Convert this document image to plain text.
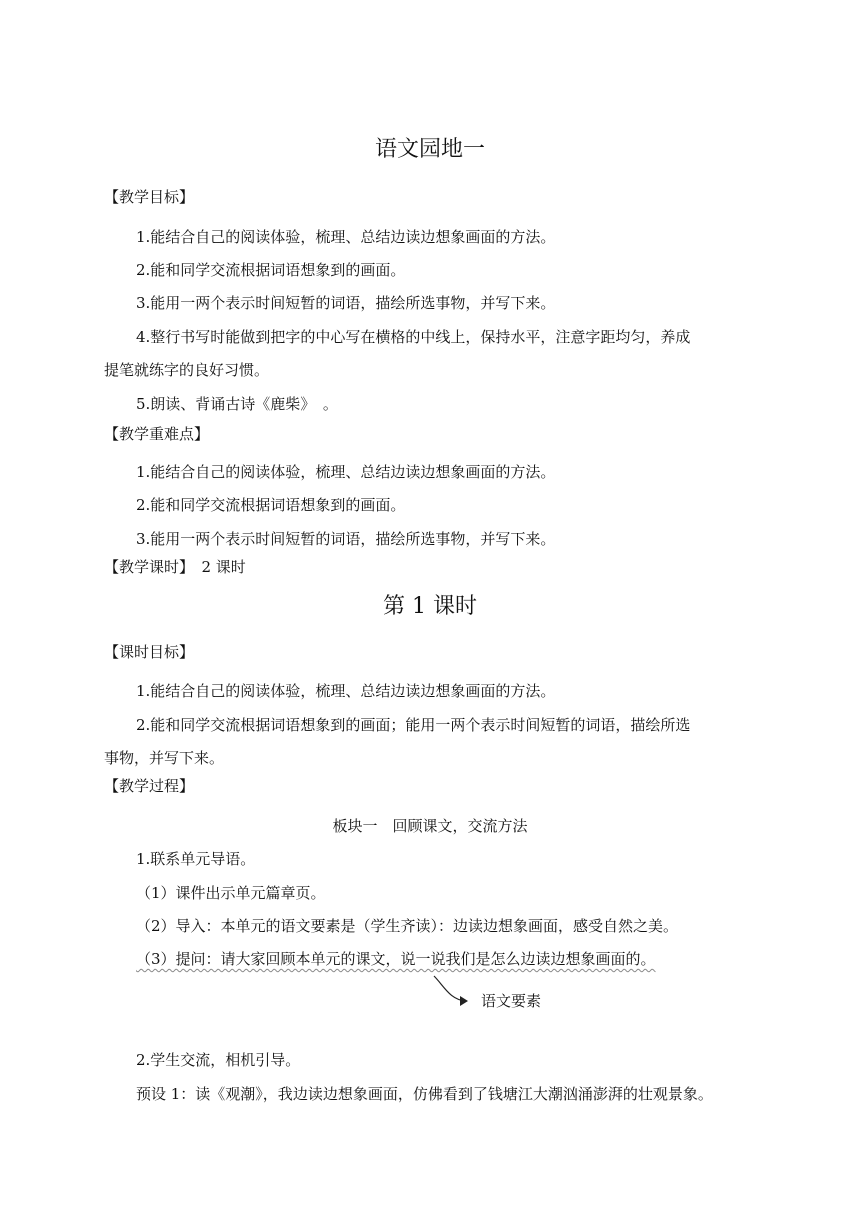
语文园地一
【教学目标】
1.能结合自己的阅读体验，梳理、总结边读边想象画面的方法。
2.能和同学交流根据词语想象到的画面。
3.能用一两个表示时间短暂的词语，描绘所选事物，并写下来。
4.整行书写时能做到把字的中心写在横格的中线上，保持水平，注意字距均匀，养成
提笔就练字的良好习惯。
5.朗读、背诵古诗《鹿柴》　。
【教学重难点】
1.能结合自己的阅读体验，梳理、总结边读边想象画面的方法。
2.能和同学交流根据词语想象到的画面。
3.能用一两个表示时间短暂的词语，描绘所选事物，并写下来。
【教学课时】　2 课时
第 1 课时
【课时目标】
1.能结合自己的阅读体验，梳理、总结边读边想象画面的方法。
2.能和同学交流根据词语想象到的画面；能用一两个表示时间短暂的词语，描绘所选
事物，并写下来。
【教学过程】
板块一　回顾课文，交流方法
1.联系单元导语。
（1）课件出示单元篇章页。
（2）导入：本单元的语文要素是（学生齐读）：边读边想象画面，感受自然之美。
（3）提问：请大家回顾本单元的课文，说一说我们是怎么边读边想象画面的。
语文要素
2.学生交流，相机引导。
预设 1：读《观潮》，我边读边想象画面，仿佛看到了钱塘江大潮汹涌澎湃的壮观景象。
